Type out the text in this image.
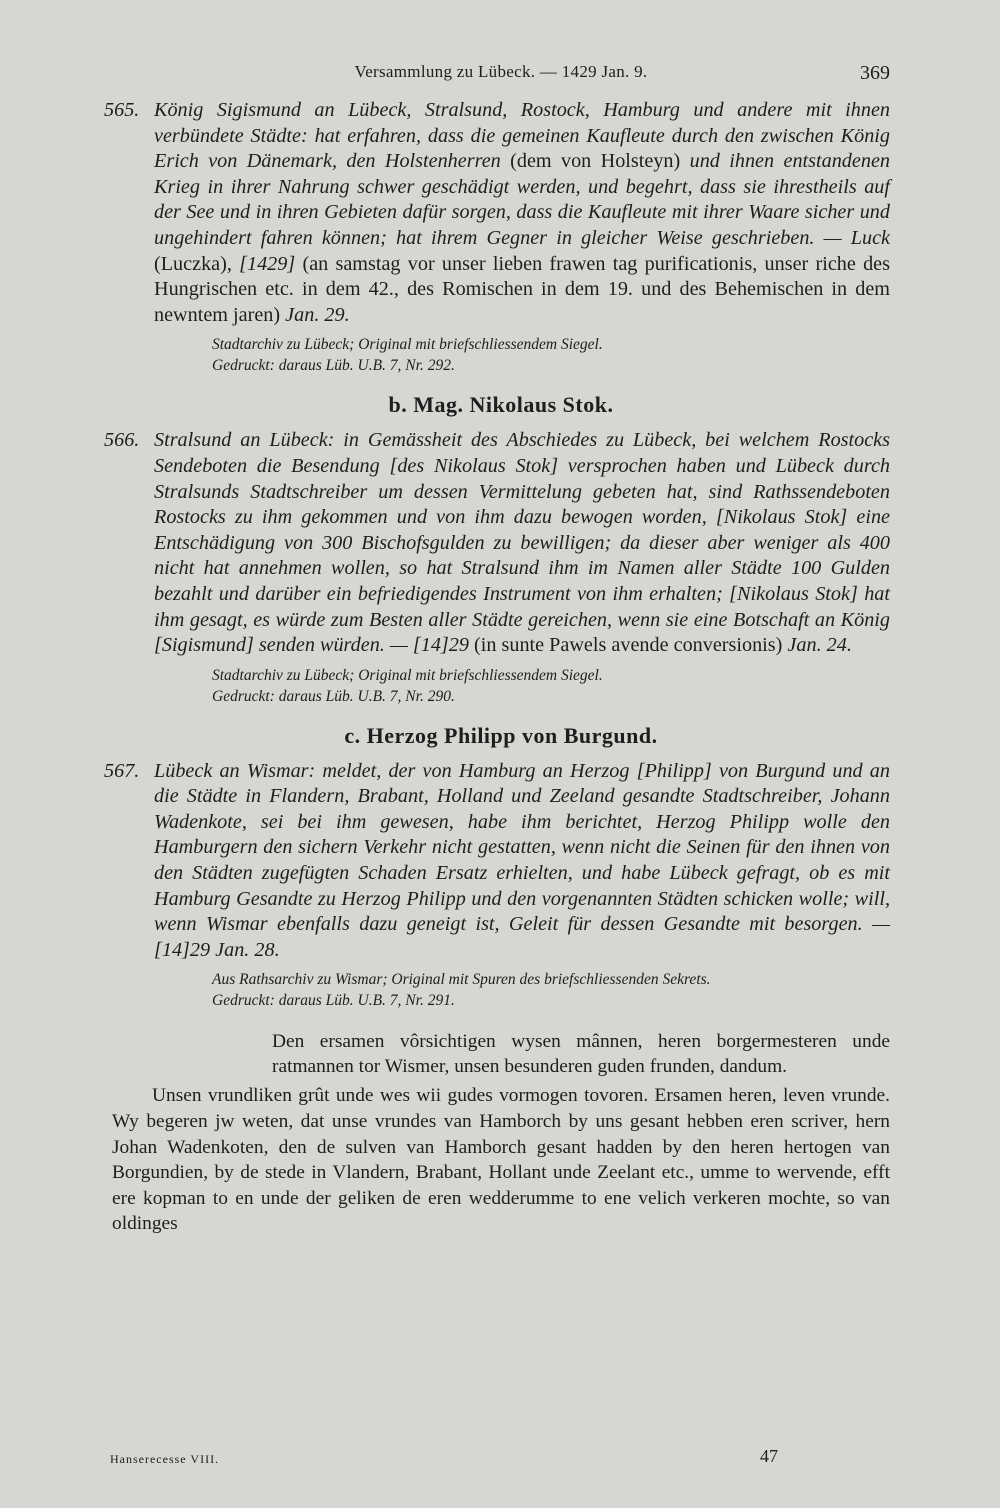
Versammlung zu Lübeck. — 1429 Jan. 9.	369
565. König Sigismund an Lübeck, Stralsund, Rostock, Hamburg und andere mit ihnen verbündete Städte: hat erfahren, dass die gemeinen Kaufleute durch den zwischen König Erich von Dänemark, den Holstenherren (dem von Holsteyn) und ihnen entstandenen Krieg in ihrer Nahrung schwer geschädigt werden, und begehrt, dass sie ihrestheils auf der See und in ihren Gebieten dafür sorgen, dass die Kaufleute mit ihrer Waare sicher und ungehindert fahren können; hat ihrem Gegner in gleicher Weise geschrieben. — Luck (Luczka), [1429] (an samstag vor unser lieben frawen tag purificationis, unser riche des Hungrischen etc. in dem 42., des Romischen in dem 19. und des Behemischen in dem newntem jaren) Jan. 29.
Stadtarchiv zu Lübeck; Original mit briefschliessendem Siegel.
Gedruckt: daraus Lüb. U.B. 7, Nr. 292.
b. Mag. Nikolaus Stok.
566. Stralsund an Lübeck: in Gemässheit des Abschiedes zu Lübeck, bei welchem Rostocks Sendeboten die Besendung [des Nikolaus Stok] versprochen haben und Lübeck durch Stralsunds Stadtschreiber um dessen Vermittelung gebeten hat, sind Rathssendeboten Rostocks zu ihm gekommen und von ihm dazu bewogen worden, [Nikolaus Stok] eine Entschädigung von 300 Bischofsgulden zu bewilligen; da dieser aber weniger als 400 nicht hat annehmen wollen, so hat Stralsund ihm im Namen aller Städte 100 Gulden bezahlt und darüber ein befriedigendes Instrument von ihm erhalten; [Nikolaus Stok] hat ihm gesagt, es würde zum Besten aller Städte gereichen, wenn sie eine Botschaft an König [Sigismund] senden würden. — [14]29 (in sunte Pawels avende conversionis) Jan. 24.
Stadtarchiv zu Lübeck; Original mit briefschliessendem Siegel.
Gedruckt: daraus Lüb. U.B. 7, Nr. 290.
c. Herzog Philipp von Burgund.
567. Lübeck an Wismar: meldet, der von Hamburg an Herzog [Philipp] von Burgund und an die Städte in Flandern, Brabant, Holland und Zeeland gesandte Stadtschreiber, Johann Wadenkote, sei bei ihm gewesen, habe ihm berichtet, Herzog Philipp wolle den Hamburgern den sichern Verkehr nicht gestatten, wenn nicht die Seinen für den ihnen von den Städten zugefügten Schaden Ersatz erhielten, und habe Lübeck gefragt, ob es mit Hamburg Gesandte zu Herzog Philipp und den vorgenannten Städten schicken wolle; will, wenn Wismar ebenfalls dazu geneigt ist, Geleit für dessen Gesandte mit besorgen. — [14]29 Jan. 28.
Aus Rathsarchiv zu Wismar; Original mit Spuren des briefschliessenden Sekrets.
Gedruckt: daraus Lüb. U.B. 7, Nr. 291.
Den ersamen vôrsichtigen wysen mânnen, heren borgermesteren unde ratmannen tor Wismer, unsen besunderen guden frunden, dandum.
Unsen vrundliken grût unde wes wii gudes vormogen tovoren. Ersamen heren, leven vrunde. Wy begeren jw weten, dat unse vrundes van Hamborch by uns gesant hebben eren scriver, hern Johan Wadenkoten, den de sulven van Hamborch gesant hadden by den heren hertogen van Borgundien, by de stede in Vlandern, Brabant, Hollant unde Zeelant etc., umme to wervende, efft ere kopman to en unde der geliken de eren wedderumme to ene velich verkeren mochte, so van oldinges
Hanserecesse VIII.	47
